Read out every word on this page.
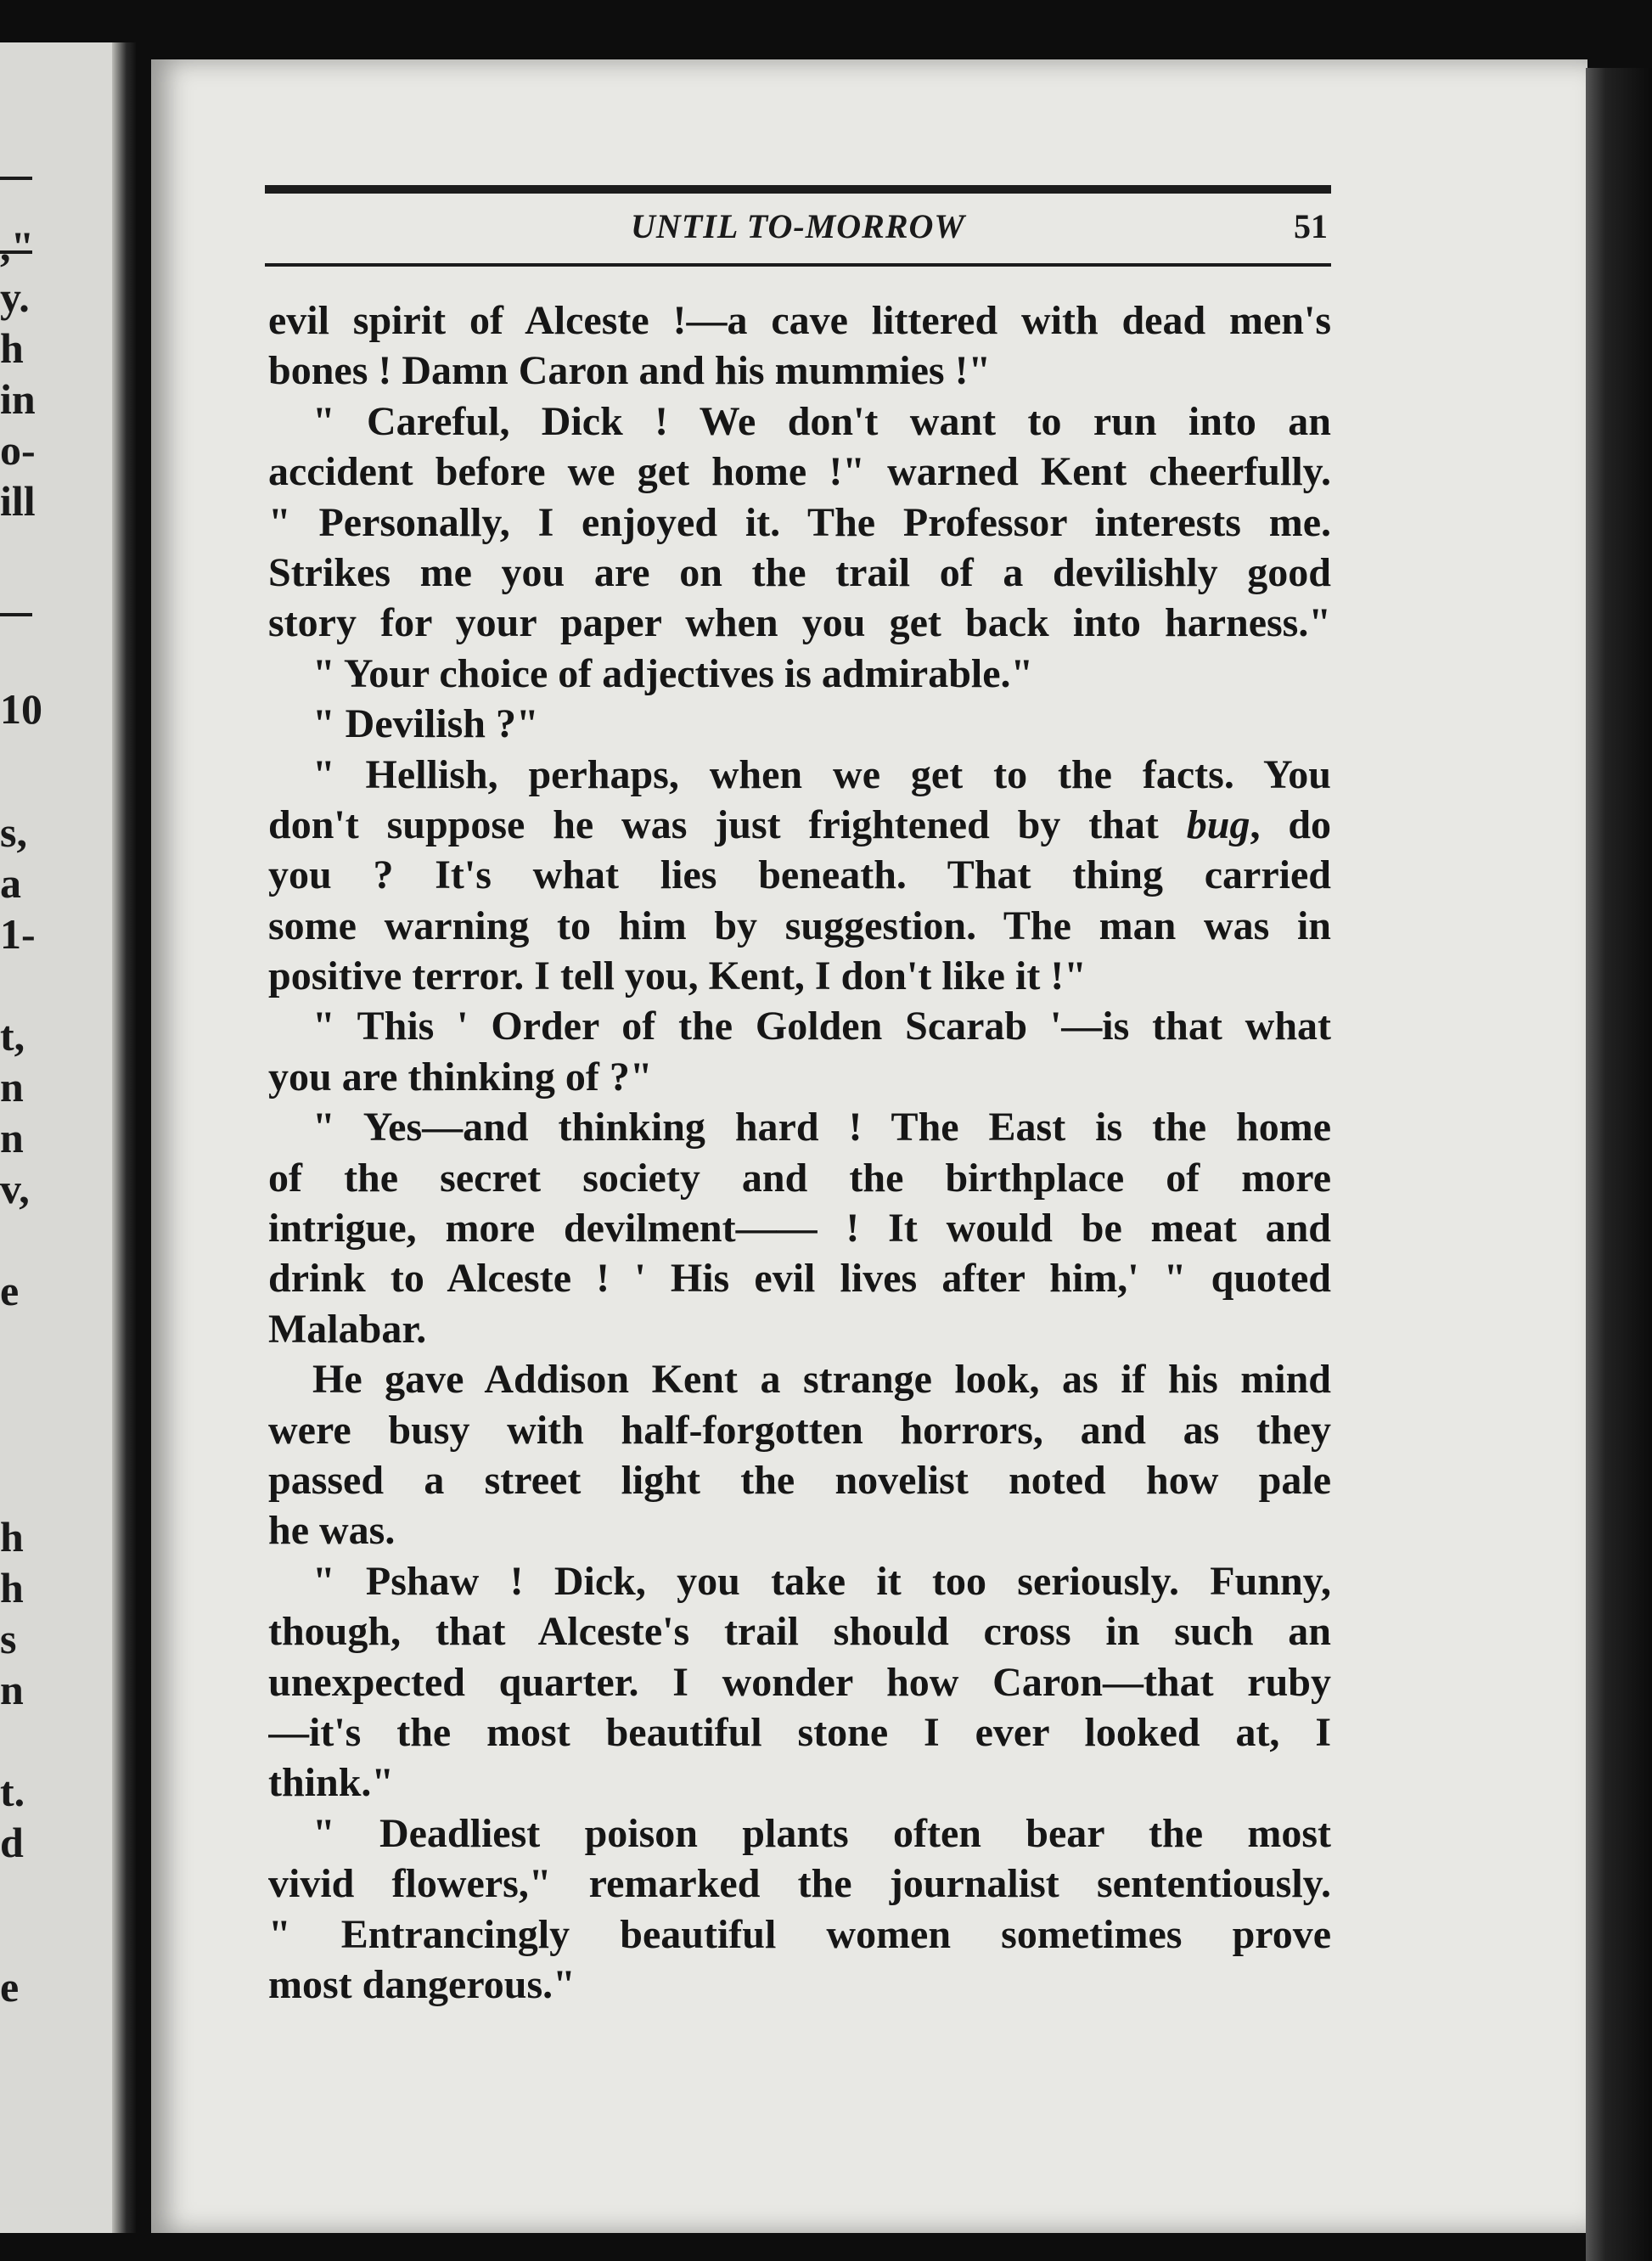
,"
y.
h
in
o-
ill
10
s,
a
1-
t,
n
n
v,
e
h
h
s
n
t.
d
e
UNTIL TO-MORROW	51
evil spirit of Alceste !—a cave littered with dead men's
bones ! Damn Caron and his mummies !"
" Careful, Dick ! We don't want to run into an
accident before we get home !" warned Kent cheerfully.
" Personally, I enjoyed it. The Professor interests me.
Strikes me you are on the trail of a devilishly good
story for your paper when you get back into harness."
" Your choice of adjectives is admirable."
" Devilish ?"
" Hellish, perhaps, when we get to the facts. You
don't suppose he was just frightened by that bug, do
you ? It's what lies beneath. That thing carried
some warning to him by suggestion. The man was in
positive terror. I tell you, Kent, I don't like it !"
" This ' Order of the Golden Scarab '—is that what
you are thinking of ?"
" Yes—and thinking hard ! The East is the home
of the secret society and the birthplace of more
intrigue, more devilment—— ! It would be meat and
drink to Alceste ! ' His evil lives after him,' " quoted
Malabar.
He gave Addison Kent a strange look, as if his mind
were busy with half-forgotten horrors, and as they
passed a street light the novelist noted how pale
he was.
" Pshaw ! Dick, you take it too seriously. Funny,
though, that Alceste's trail should cross in such an
unexpected quarter. I wonder how Caron—that ruby
—it's the most beautiful stone I ever looked at, I
think."
" Deadliest poison plants often bear the most
vivid flowers," remarked the journalist sententiously.
" Entrancingly beautiful women sometimes prove
most dangerous."
